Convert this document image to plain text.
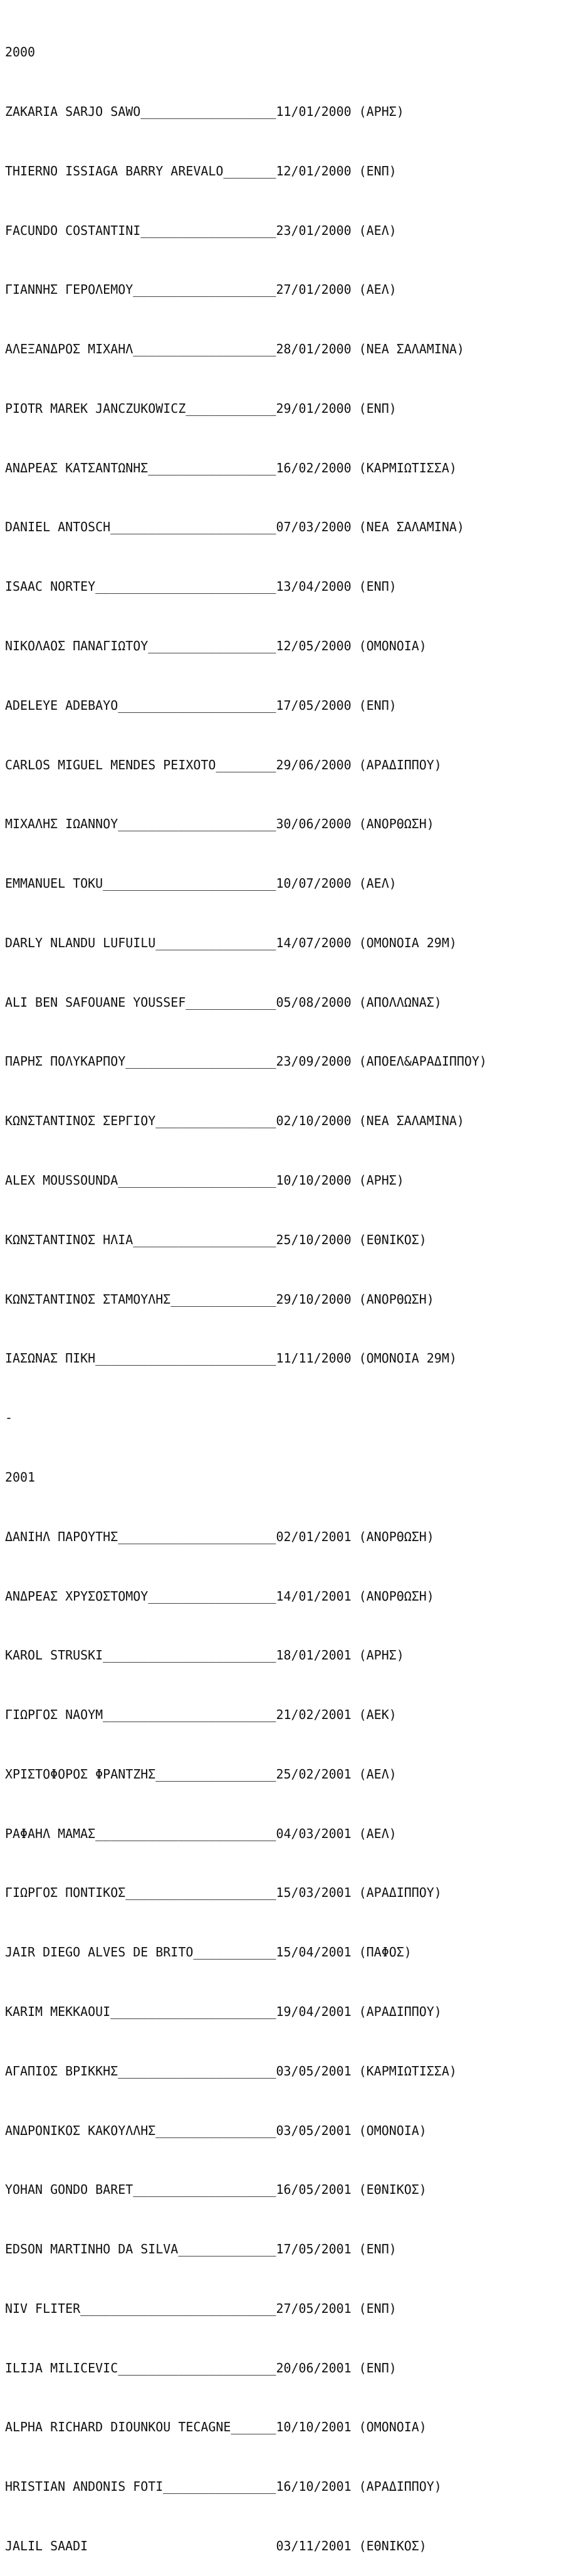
2000

ZAKARIA SARJO SAWO__________________11/01/2000 (ΑΡΗΣ)

THIERNO ISSIAGA BARRY AREVALO_______12/01/2000 (ΕΝΠ)

FACUNDO COSTANTINI__________________23/01/2000 (ΑΕΛ)

ΓΙΑΝΝΗΣ ΓΕΡΟΛΕΜΟΥ___________________27/01/2000 (ΑΕΛ)

ΑΛΕΞΑΝΔΡΟΣ ΜΙΧΑΗΛ___________________28/01/2000 (ΝΕΑ ΣΑΛΑΜΙΝΑ)

PIOTR MAREK JANCZUKOWICZ____________29/01/2000 (ΕΝΠ)

ΑΝΔΡΕΑΣ ΚΑΤΣΑΝΤΩΝΗΣ_________________16/02/2000 (ΚΑΡΜΙΩΤΙΣΣΑ)

DANIEL ANTOSCH______________________07/03/2000 (ΝΕΑ ΣΑΛΑΜΙΝΑ)

ISAAC NORTEY________________________13/04/2000 (ΕΝΠ)

ΝΙΚΟΛΑΟΣ ΠΑΝΑΓΙΩΤΟΥ_________________12/05/2000 (ΟΜΟΝΟΙΑ)

ADELEYE ADEBAYO_____________________17/05/2000 (ΕΝΠ)

CARLOS MIGUEL MENDES PEIXOTO________29/06/2000 (ΑΡΑΔΙΠΠΟΥ)

ΜΙΧΑΛΗΣ ΙΩΑΝΝΟΥ_____________________30/06/2000 (ΑΝΟΡΘΩΣΗ)

EMMANUEL TOKU_______________________10/07/2000 (ΑΕΛ)

DARLY NLANDU LUFUILU________________14/07/2000 (ΟΜΟΝΟΙΑ 29Μ)

ALI BEN SAFOUANE YOUSSEF____________05/08/2000 (ΑΠΟΛΛΩΝΑΣ)

ΠΑΡΗΣ ΠΟΛΥΚΑΡΠΟΥ____________________23/09/2000 (ΑΠΟΕΛ&ΑΡΑΔΙΠΠΟΥ)

ΚΩΝΣΤΑΝΤΙΝΟΣ ΣΕΡΓΙΟΥ________________02/10/2000 (ΝΕΑ ΣΑΛΑΜΙΝΑ)

ALEX MOUSSOUNDA_____________________10/10/2000 (ΑΡΗΣ)

ΚΩΝΣΤΑΝΤΙΝΟΣ ΗΛΙΑ___________________25/10/2000 (ΕΘΝΙΚΟΣ)

ΚΩΝΣΤΑΝΤΙΝΟΣ ΣΤΑΜΟΥΛΗΣ______________29/10/2000 (ΑΝΟΡΘΩΣΗ)

ΙΑΣΩΝΑΣ ΠΙΚΗ________________________11/11/2000 (ΟΜΟΝΟΙΑ 29Μ)

-

2001

ΔΑΝΙΗΛ ΠΑΡΟΥΤΗΣ_____________________02/01/2001 (ΑΝΟΡΘΩΣΗ)

ΑΝΔΡΕΑΣ ΧΡΥΣΟΣΤΟΜΟΥ_________________14/01/2001 (ΑΝΟΡΘΩΣΗ)

KAROL STRUSKI_______________________18/01/2001 (ΑΡΗΣ)

ΓΙΩΡΓΟΣ ΝΑΟΥΜ_______________________21/02/2001 (ΑΕΚ)

ΧΡΙΣΤΟΦΟΡΟΣ ΦΡΑΝΤΖΗΣ________________25/02/2001 (ΑΕΛ)

ΡΑΦΑΗΛ ΜΑΜΑΣ________________________04/03/2001 (ΑΕΛ)

ΓΙΩΡΓΟΣ ΠΟΝΤΙΚΟΣ____________________15/03/2001 (ΑΡΑΔΙΠΠΟΥ)

JAIR DIEGO ALVES DE BRITO___________15/04/2001 (ΠΑΦΟΣ)

KARIM MEKKAOUI______________________19/04/2001 (ΑΡΑΔΙΠΠΟΥ)

ΑΓΑΠΙΟΣ ΒΡΙΚΚΗΣ_____________________03/05/2001 (ΚΑΡΜΙΩΤΙΣΣΑ)

ΑΝΔΡΟΝΙΚΟΣ ΚΑΚΟΥΛΛΗΣ________________03/05/2001 (ΟΜΟΝΟΙΑ)

YOHAN GONDO BARET___________________16/05/2001 (ΕΘΝΙΚΟΣ)

EDSON MARTINHO DA SILVA_____________17/05/2001 (ΕΝΠ)

NIV FLITER__________________________27/05/2001 (ΕΝΠ)

ILIJA MILICEVIC_____________________20/06/2001 (ΕΝΠ)

ALPHA RICHARD DIOUNKOU TECAGNE______10/10/2001 (ΟΜΟΝΟΙΑ)

HRISTIAN ANDONIS FOTI_______________16/10/2001 (ΑΡΑΔΙΠΠΟΥ)

JALIL SAADI                         03/11/2001 (ΕΘΝΙΚΟΣ)
